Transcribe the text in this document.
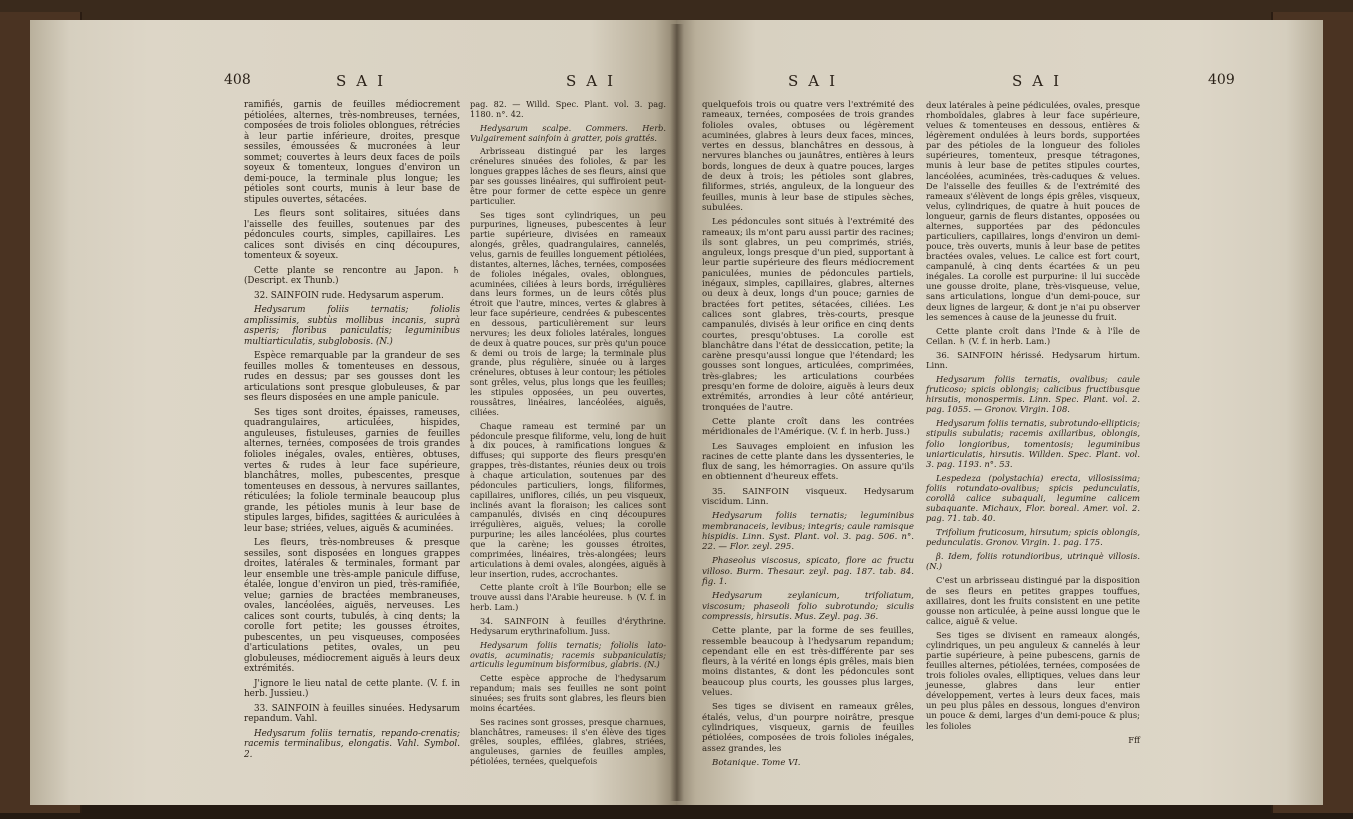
408	SAI	SAI

ramifiés, garnis de feuilles médiocrement pétiolées, alternes, très-nombreuses, ternées, composées de trois folioles oblongues, rétrécies à leur partie inférieure, droites, presque sessiles, émoussées & mucronées à leur sommet; couvertes à leurs deux faces de poils soyeux & tomenteux, longues d'environ un demi-pouce, la terminale plus longue; les pétioles sont courts, munis à leur base de stipules ouvertes, sétacées.

Les fleurs sont solitaires, situées dans l'aisselle des feuilles, soutenues par des pédoncules courts, simples, capillaires. Les calices sont divisés en cinq découpures, tomenteux & soyeux.

Cette plante se rencontre au Japon. ♄ (Descript. ex Thunb.)

32. SAINFOIN rude. Hedysarum asperum.

Hedysarum foliis ternatis; foliolis amplissimis, subtùs mollibus incanis, suprà asperis; floribus paniculatis; leguminibus multiarticulatis, subglobosis. (N.)

Espèce remarquable par la grandeur de ses feuilles molles & tomenteuses en dessous, rudes en dessus; par ses gousses dont les articulations sont presque globuleuses, & par ses fleurs disposées en une ample panicule.

Ses tiges sont droites, épaisses, rameuses, quadrangulaires, articulées, hispides, anguleuses, fistuleuses, garnies de feuilles alternes, ternées, composées de trois grandes folioles inégales, ovales, entières, obtuses, vertes & rudes à leur face supérieure, blanchâtres, molles, pubescentes, presque tomenteuses en dessous, à nervures saillantes, réticulées; la foliole terminale beaucoup plus grande, les pétioles munis à leur base de stipules larges, bifides, sagittées & auriculées à leur base; striées, velues, aiguës & acuminées.

Les fleurs, très-nombreuses & presque sessiles, sont disposées en longues grappes droites, latérales & terminales, formant par leur ensemble une très-ample panicule diffuse, étalée, longue d'environ un pied, très-ramifiée, velue; garnies de bractées membraneuses, ovales, lancéolées, aiguës, nerveuses. Les calices sont courts, tubulés, à cinq dents; la corolle fort petite; les gousses étroites, pubescentes, un peu visqueuses, composées d'articulations petites, ovales, un peu globuleuses, médiocrement aiguës à leurs deux extrémités.

J'ignore le lieu natal de cette plante. (V. f. in herb. Jussieu.)

33. SAINFOIN à feuilles sinuées. Hedysarum repandum. Vahl.

Hedysarum foliis ternatis, repando-crenatis; racemis terminalibus, elongatis. Vahl. Symbol. 2.

pag. 82. — Willd. Spec. Plant. vol. 3. pag. 1180. n°. 42.

Hedysarum scalpe. Commers. Herb. Vulgairement sainfoin à gratter, pois grattés.

Arbrisseau distingué par les larges crénelures sinuées des folioles, & par les longues grappes lâches de ses fleurs, ainsi que par ses gousses linéaires, qui suffiroient peut-être pour former de cette espèce un genre particulier.

Ses tiges sont cylindriques, un peu purpurines, ligneuses, pubescentes à leur partie supérieure, divisées en rameaux alongés, grêles, quadrangulaires, cannelés, velus, garnis de feuilles longuement pétiolées, distantes, alternes, lâches, ternées, composées de folioles inégales, ovales, oblongues, acuminées, ciliées à leurs bords, irrégulières dans leurs formes, un de leurs côtés plus étroit que l'autre, minces, vertes & glabres à leur face supérieure, cendrées & pubescentes en dessous, particulièrement sur leurs nervures; les deux folioles latérales, longues de deux à quatre pouces, sur près qu'un pouce & demi ou trois de large; la terminale plus grande, plus régulière, sinuée ou à larges crénelures, obtuses à leur contour; les pétioles sont grêles, velus, plus longs que les feuilles; les stipules opposées, un peu ouvertes, roussâtres, linéaires, lancéolées, aiguës, ciliées.

Chaque rameau est terminé par un pédoncule presque filiforme, velu, long de huit à dix pouces, à ramifications longues & diffuses; qui supporte des fleurs presqu'en grappes, très-distantes, réunies deux ou trois à chaque articulation, soutenues par des pédoncules particuliers, longs, filiformes, capillaires, uniflores, ciliés, un peu visqueux, inclinés avant la floraison; les calices sont campanulés, divisés en cinq découpures irrégulières, aiguës, velues; la corolle purpurine; les ailes lancéolées, plus courtes que la carène; les gousses étroites, comprimées, linéaires, très-alongées; leurs articulations à demi ovales, alongées, aiguës à leur insertion, rudes, accrochantes.

Cette plante croît à l'île Bourbon; elle se trouve aussi dans l'Arabie heureuse. ♄ (V. f. in herb. Lam.)

34. SAINFOIN à feuilles d'érythrine. Hedysarum erythrinafolium. Juss.

Hedysarum foliis ternatis; foliolis lato-ovatis, acuminatis; racemis subpaniculatis; articulis leguminum bisformibus, glabris. (N.)

Cette espèce approche de l'hedysarum repandum; mais ses feuilles ne sont point sinuées; ses fruits sont glabres, les fleurs bien moins écartées.

Ses racines sont grosses, presque charnues, blanchâtres, rameuses: il s'en élève des tiges grêles, souples, effilées, glabres, striées, anguleuses, garnies de feuilles amples, pétiolées, ternées, quelquefois

SAI	SAI	409

quelquefois trois ou quatre vers l'extrémité des rameaux, ternées, composées de trois grandes folioles ovales, obtuses ou légèrement acuminées, glabres à leurs deux faces, minces, vertes en dessus, blanchâtres en dessous, à nervures blanches ou jaunâtres, entières à leurs bords, longues de deux à quatre pouces, larges de deux à trois; les pétioles sont glabres, filiformes, striés, anguleux, de la longueur des feuilles, munis à leur base de stipules sèches, subulées.

Les pédoncules sont situés à l'extrémité des rameaux; ils m'ont paru aussi partir des racines; ils sont glabres, un peu comprimés, striés, anguleux, longs presque d'un pied, supportant à leur partie supérieure des fleurs médiocrement paniculées, munies de pédoncules partiels, inégaux, simples, capillaires, glabres, alternes ou deux à deux, longs d'un pouce; garnies de bractées fort petites, sétacées, ciliées. Les calices sont glabres, très-courts, presque campanulés, divisés à leur orifice en cinq dents courtes, presqu'obtuses. La corolle est blanchâtre dans l'état de dessiccation, petite; la carène presqu'aussi longue que l'étendard; les gousses sont longues, articulées, comprimées, très-glabres; les articulations courbées presqu'en forme de doloire, aiguës à leurs deux extrémités, arrondies à leur côté antérieur, tronquées de l'autre.

Cette plante croît dans les contrées méridionales de l'Amérique. (V. f. in herb. Juss.)

Les Sauvages emploient en infusion les racines de cette plante dans les dyssenteries, le flux de sang, les hémorragies. On assure qu'ils en obtiennent d'heureux effets.

35. SAINFOIN visqueux. Hedysarum viscidum. Linn.

Hedysarum foliis ternatis; leguminibus membranaceis, levibus; integris; caule ramisque hispidis. Linn. Syst. Plant. vol. 3. pag. 506. n°. 22. — Flor. zeyl. 295.

Phaseolus viscosus, spicato, flore ac fructu villoso. Burm. Thesaur. zeyl. pag. 187. tab. 84. fig. 1.

Hedysarum zeylanicum, trifoliatum, viscosum; phaseoli folio subrotundo; siculis compressis, hirsutis. Mus. Zeyl. pag. 36.

Cette plante, par la forme de ses feuilles, ressemble beaucoup à l'hedysarum repandum; cependant elle en est très-différente par ses fleurs, à la vérité en longs épis grêles, mais bien moins distantes, & dont les pédoncules sont beaucoup plus courts, les gousses plus larges, velues.

Ses tiges se divisent en rameaux grêles, étalés, velus, d'un pourpre noirâtre, presque cylindriques, visqueux, garnis de feuilles pétiolées, composées de trois folioles inégales, assez grandes, les

Botanique. Tome VI.

deux latérales à peine pédiculées, ovales, presque rhomboïdales, glabres à leur face supérieure, velues & tomenteuses en dessous, entières & légèrement ondulées à leurs bords, supportées par des pétioles de la longueur des folioles supérieures, tomenteux, presque tétragones, munis à leur base de petites stipules courtes, lancéolées, acuminées, très-caduques & velues. De l'aisselle des feuilles & de l'extrémité des rameaux s'élèvent de longs épis grêles, visqueux, velus, cylindriques, de quatre à huit pouces de longueur, garnis de fleurs distantes, opposées ou alternes, supportées par des pédoncules particuliers, capillaires, longs d'environ un demi-pouce, très ouverts, munis à leur base de petites bractées ovales, velues. Le calice est fort court, campanulé, à cinq dents écartées & un peu inégales. La corolle est purpurine: il lui succède une gousse droite, plane, très-visqueuse, velue, sans articulations, longue d'un demi-pouce, sur deux lignes de largeur, & dont je n'ai pu observer les semences à cause de la jeunesse du fruit.

Cette plante croît dans l'Inde & à l'île de Ceilan. ♄ (V. f. in herb. Lam.)

36. SAINFOIN hérissé. Hedysarum hirtum. Linn.

Hedysarum foliis ternatis, ovalibus; caule fruticoso; spicis oblongis; calicibus fructibusque hirsutis, monospermis. Linn. Spec. Plant. vol. 2. pag. 1055. — Gronov. Virgin. 108.

Hedysarum foliis ternatis, subrotundo-ellipticis; stipulis subulatis; racemis axillaribus, oblongis, folio longioribus, tomentosis; leguminibus uniarticulatis, hirsutis. Willden. Spec. Plant. vol. 3. pag. 1193. n°. 53.

Lespedeza (polystachia) erecta, villosissima; foliis rotundato-ovalibus; spicis pedunculatis, corollâ calice subaquali, legumine calicem subaquante. Michaux, Flor. boreal. Amer. vol. 2. pag. 71. tab. 40.

Trifolium fruticosum, hirsutum; spicis oblongis, pedunculatis. Gronov. Virgin. 1. pag. 175.

β. Idem, foliis rotundioribus, utrinquè villosis. (N.)

C'est un arbrisseau distingué par la disposition de ses fleurs en petites grappes touffues, axillaires, dont les fruits consistent en une petite gousse non articulée, à peine aussi longue que le calice, aiguë & velue.

Ses tiges se divisent en rameaux alongés, cylindriques, un peu anguleux & cannelés à leur partie supérieure, à peine pubescens, garnis de feuilles alternes, pétiolées, ternées, composées de trois folioles ovales, elliptiques, velues dans leur jeunesse, glabres dans leur entier développement, vertes à leurs deux faces, mais un peu plus pâles en dessous, longues d'environ un pouce & demi, larges d'un demi-pouce & plus; les folioles

Fff
